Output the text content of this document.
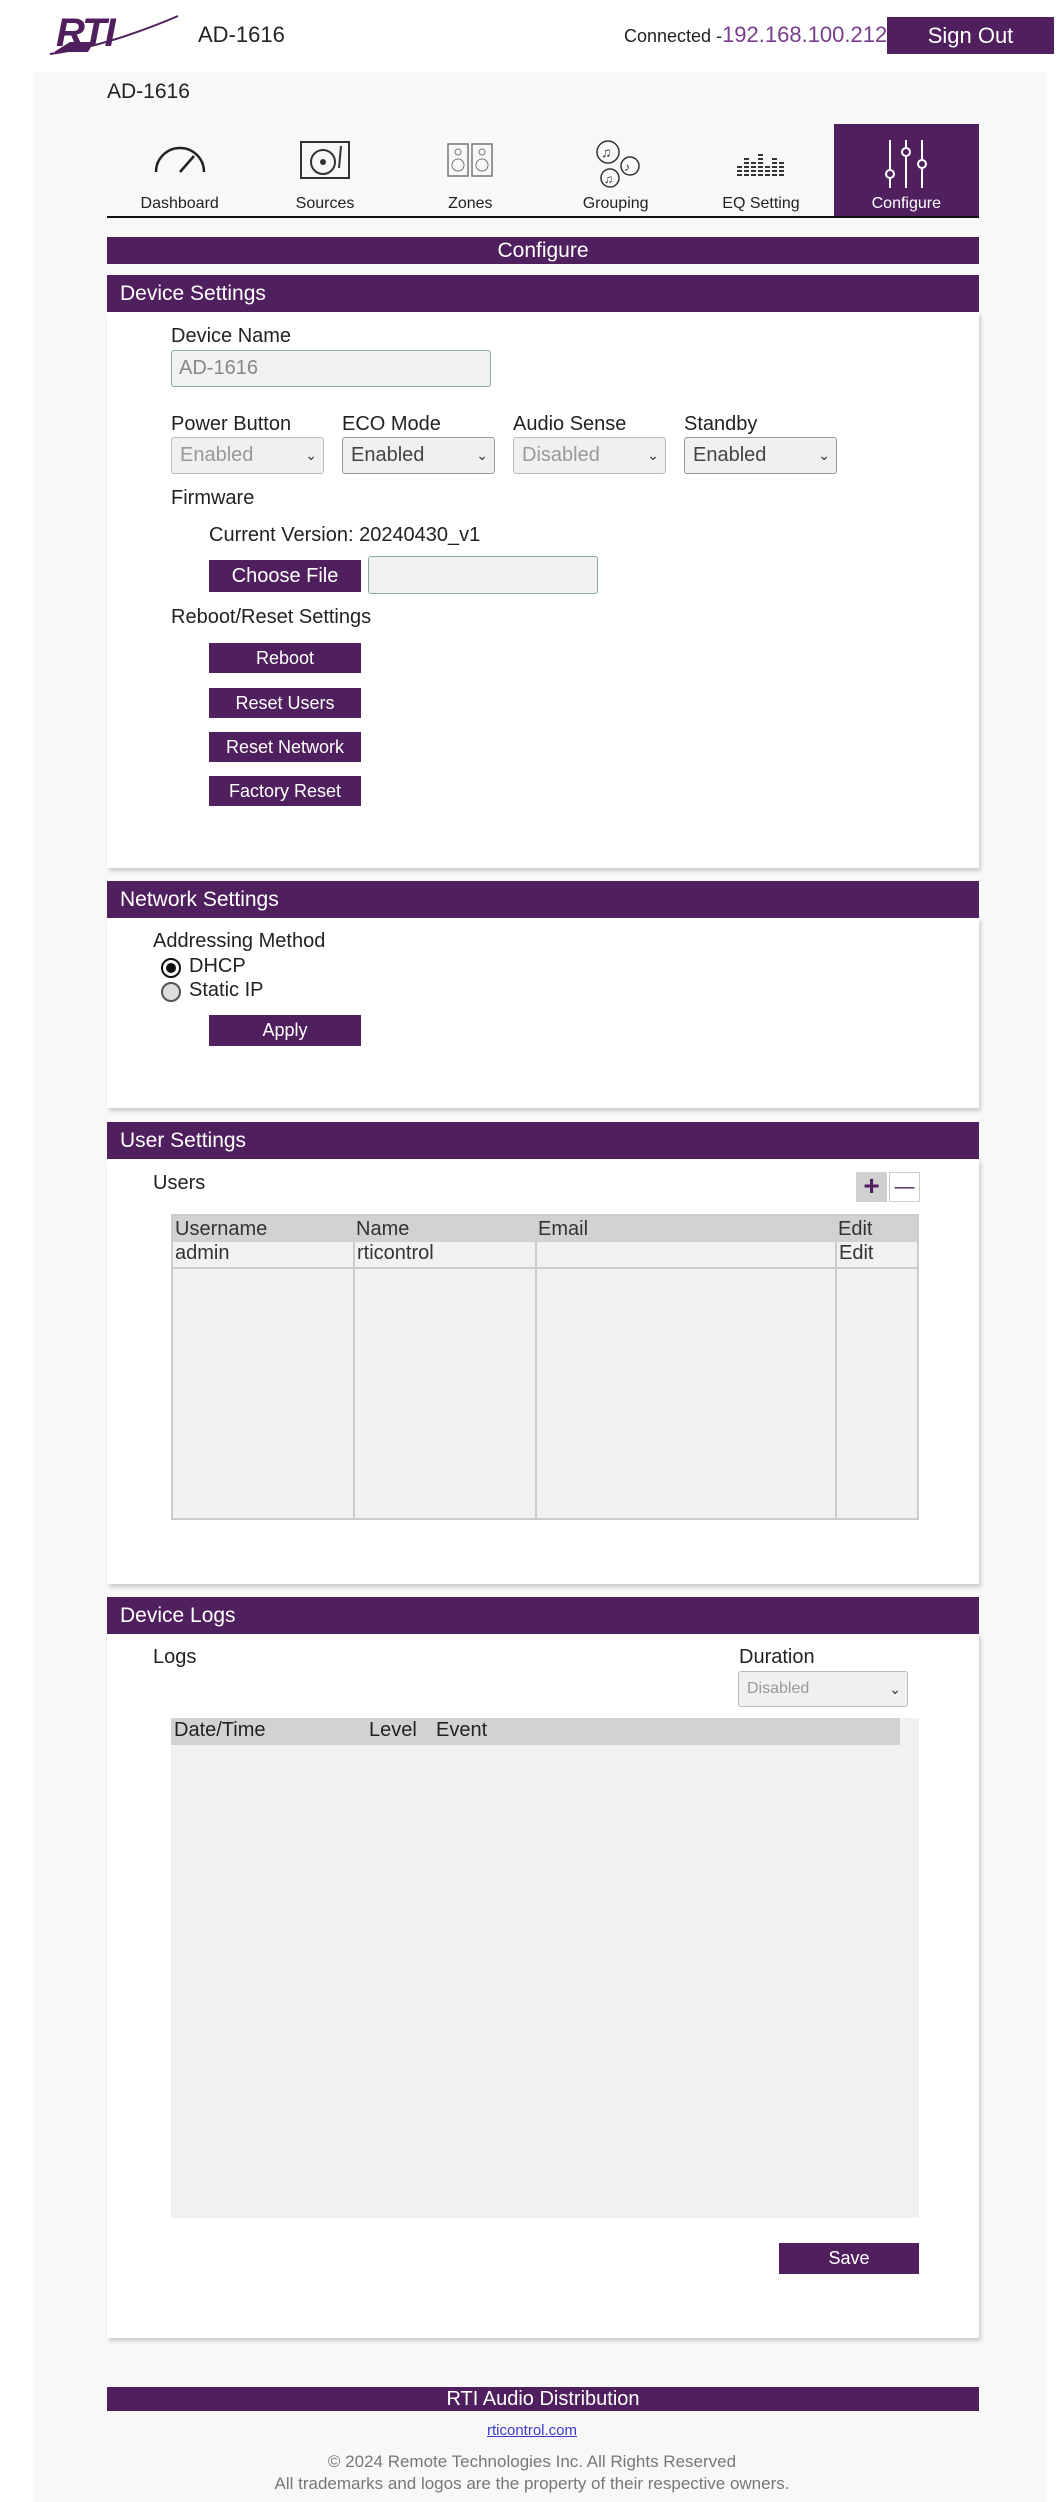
RTI	AD-1616	Connected -192.168.100.212	Sign Out
AD-1616
Dashboard	Sources	Zones
♫
♪
♫
Grouping	EQ Setting	Configure
Configure
Device Settings
Device Name
AD-1616
Power Button	ECO Mode	Audio Sense	Standby
Enabled	⌄	Enabled	⌄	Disabled	⌄	Enabled	⌄
Firmware
Current Version: 20240430_v1
Choose File
Reboot/Reset Settings
Reboot
Reset Users
Reset Network
Factory Reset
Network Settings
Addressing Method
DHCP
Static IP
Apply
User Settings
Users	+ —
Username	Name	Email	Edit
admin	rticontrol		Edit

Device Logs
Logs	Duration
Disabled	⌄
Date/Time	Level Event
Save
RTI Audio Distribution
rticontrol.com
© 2024 Remote Technologies Inc. All Rights Reserved
All trademarks and logos are the property of their respective owners.
